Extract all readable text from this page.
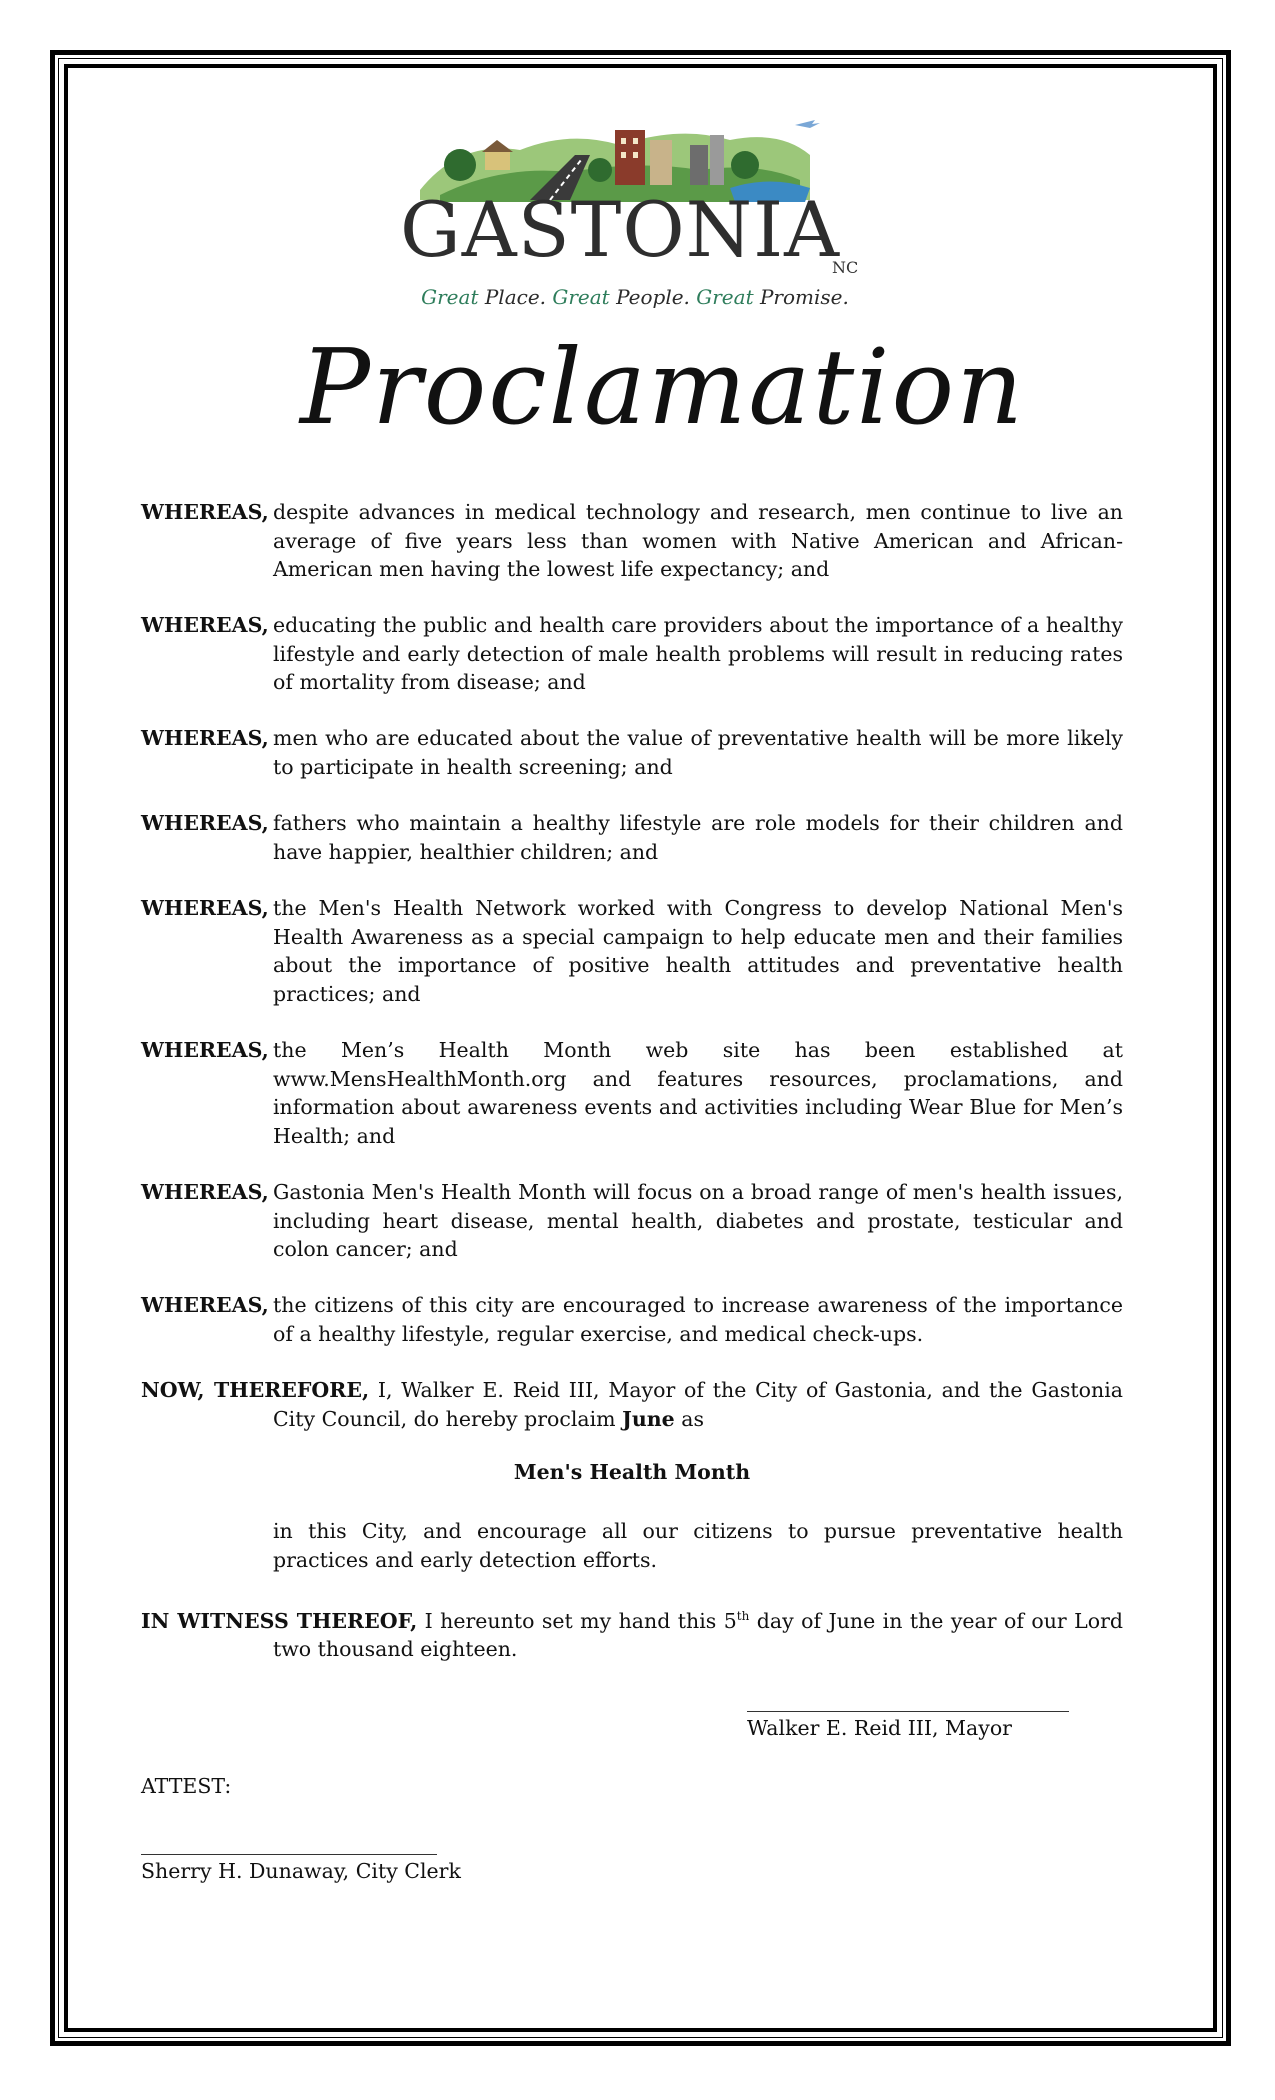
GASTONIA
NC
Great Place. Great People. Great Promise.
Proclamation
WHEREAS, despite advances in medical technology and research, men continue to live an average of five years less than women with Native American and African-American men having the lowest life expectancy; and
WHEREAS, educating the public and health care providers about the importance of a healthy lifestyle and early detection of male health problems will result in reducing rates of mortality from disease; and
WHEREAS, men who are educated about the value of preventative health will be more likely to participate in health screening; and
WHEREAS, fathers who maintain a healthy lifestyle are role models for their children and have happier, healthier children; and
WHEREAS, the Men's Health Network worked with Congress to develop National Men's Health Awareness as a special campaign to help educate men and their families about the importance of positive health attitudes and preventative health practices; and
WHEREAS, the Men’s Health Month web site has been established at www.MensHealthMonth.org and features resources, proclamations, and information about awareness events and activities including Wear Blue for Men’s Health; and
WHEREAS, Gastonia Men's Health Month will focus on a broad range of men's health issues, including heart disease, mental health, diabetes and prostate, testicular and colon cancer; and
WHEREAS, the citizens of this city are encouraged to increase awareness of the importance of a healthy lifestyle, regular exercise, and medical check-ups.
NOW, THEREFORE, I, Walker E. Reid III, Mayor of the City of Gastonia, and the Gastonia City Council, do hereby proclaim June as
Men's Health Month
in this City, and encourage all our citizens to pursue preventative health practices and early detection efforts.
IN WITNESS THEREOF, I hereunto set my hand this 5th day of June in the year of our Lord two thousand eighteen.
Walker E. Reid III, Mayor
ATTEST:
Sherry H. Dunaway, City Clerk
